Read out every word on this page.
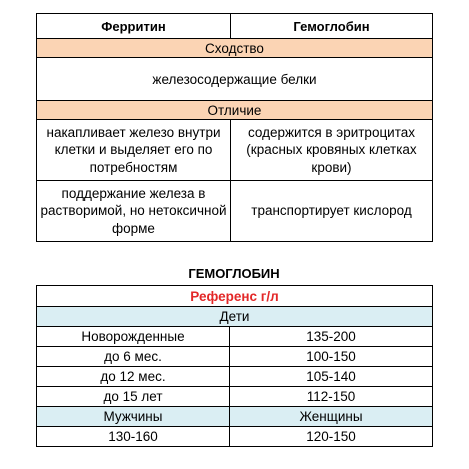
Ферритин	Гемоглобин
Сходство	
железосодержащие белки	
Отличие	
накапливает железо внутри клетки и выделяет его по потребностям	содержится в эритроцитах (красных кровяных клетках крови)
поддержание железа в растворимой, но нетоксичной форме	транспортирует кислород
ГЕМОГЛОБИН
Референс г/л	
Дети	
Новорожденные	135-200
до 6 мес.	100-150
до 12 мес.	105-140
до 15 лет	112-150
Мужчины	Женщины
130-160	120-150
